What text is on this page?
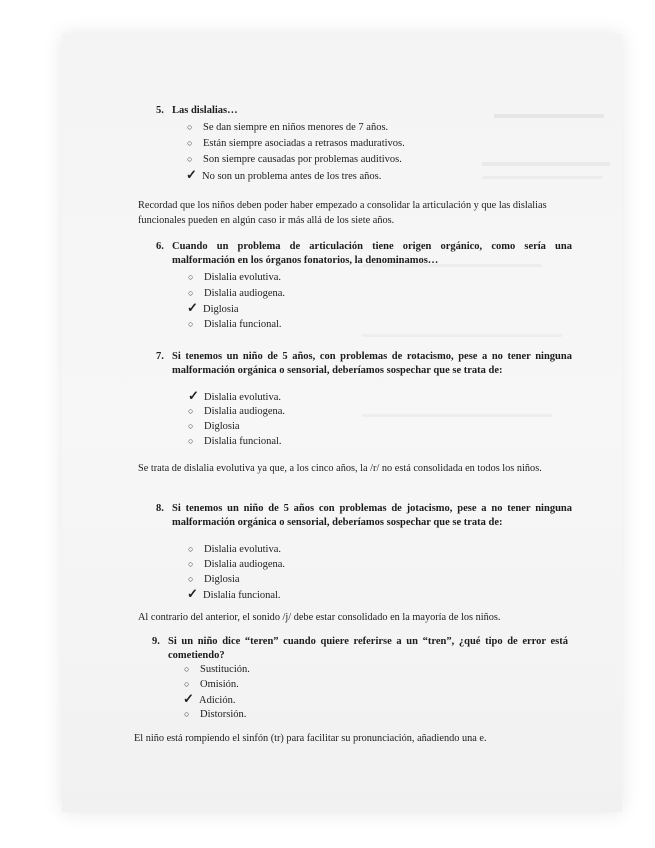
5. Las dislalias…
○ Se dan siempre en niños menores de 7 años.
○ Están siempre asociadas a retrasos madurativos.
○ Son siempre causadas por problemas auditivos.
✓ No son un problema antes de los tres años.
Recordad que los niños deben poder haber empezado a consolidar la articulación y que las dislalias funcionales pueden en algún caso ir más allá de los siete años.
6. Cuando un problema de articulación tiene origen orgánico, como sería una malformación en los órganos fonatorios, la denominamos…
○ Dislalia evolutiva.
○ Dislalia audiogena.
✓ Diglosia
○ Dislalia funcional.
7. Si tenemos un niño de 5 años, con problemas de rotacismo, pese a no tener ninguna malformación orgánica o sensorial, deberíamos sospechar que se trata de:
✓ Dislalia evolutiva.
○ Dislalia audiogena.
○ Diglosia
○ Dislalia funcional.
Se trata de dislalia evolutiva ya que, a los cinco años, la /r/ no está consolidada en todos los niños.
8. Si tenemos un niño de 5 años con problemas de jotacismo, pese a no tener ninguna malformación orgánica o sensorial, deberíamos sospechar que se trata de:
○ Dislalia evolutiva.
○ Dislalia audiogena.
○ Diglosia
✓ Dislalia funcional.
Al contrario del anterior, el sonido /j/ debe estar consolidado en la mayoría de los niños.
9. Si un niño dice “teren” cuando quiere referirse a un “tren”, ¿qué tipo de error está cometiendo?
○ Sustitución.
○ Omisión.
✓ Adición.
○ Distorsión.
El niño está rompiendo el sinfón (tr) para facilitar su pronunciación, añadiendo una e.
